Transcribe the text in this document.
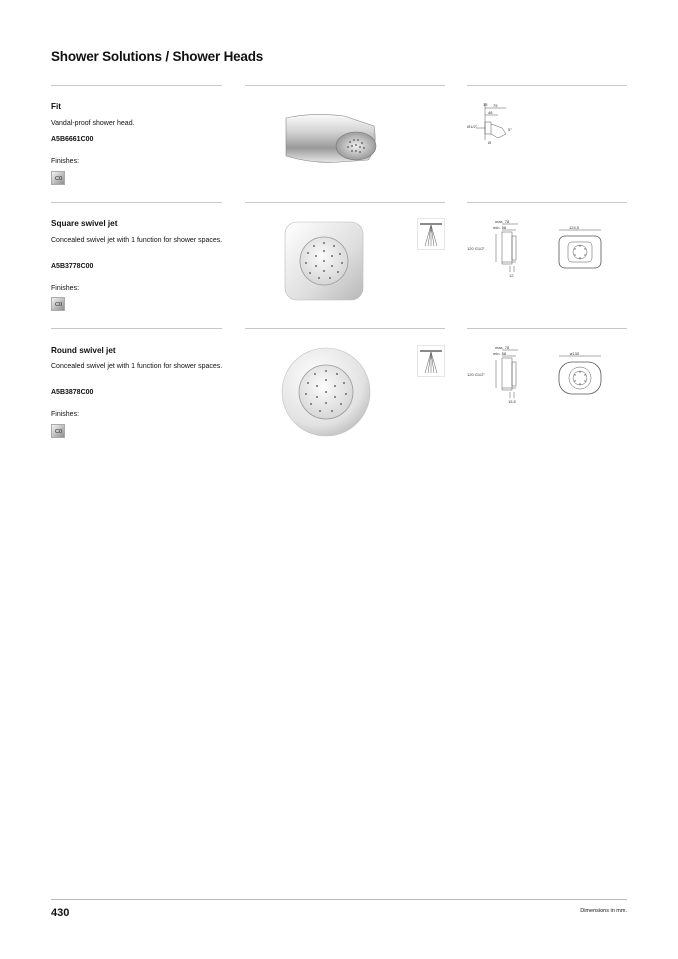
Shower Solutions / Shower Heads
Fit
Vandal-proof shower head.
A5B6661C00
Finishes:
C0
15 75
48
Ø1/2"
5°
Ø
Square swivel jet
Concealed swivel jet with 1 function for shower spaces.
A5B3778C00
Finishes:
C0
max. 78
min. 58
120 G1/2"
12
124,5
Round swivel jet
Concealed swivel jet with 1 function for shower spaces.
A5B3878C00
Finishes:
C0
max. 78
min. 58
120 G1/2"
15,5
ø130
430	Dimensions in mm.
